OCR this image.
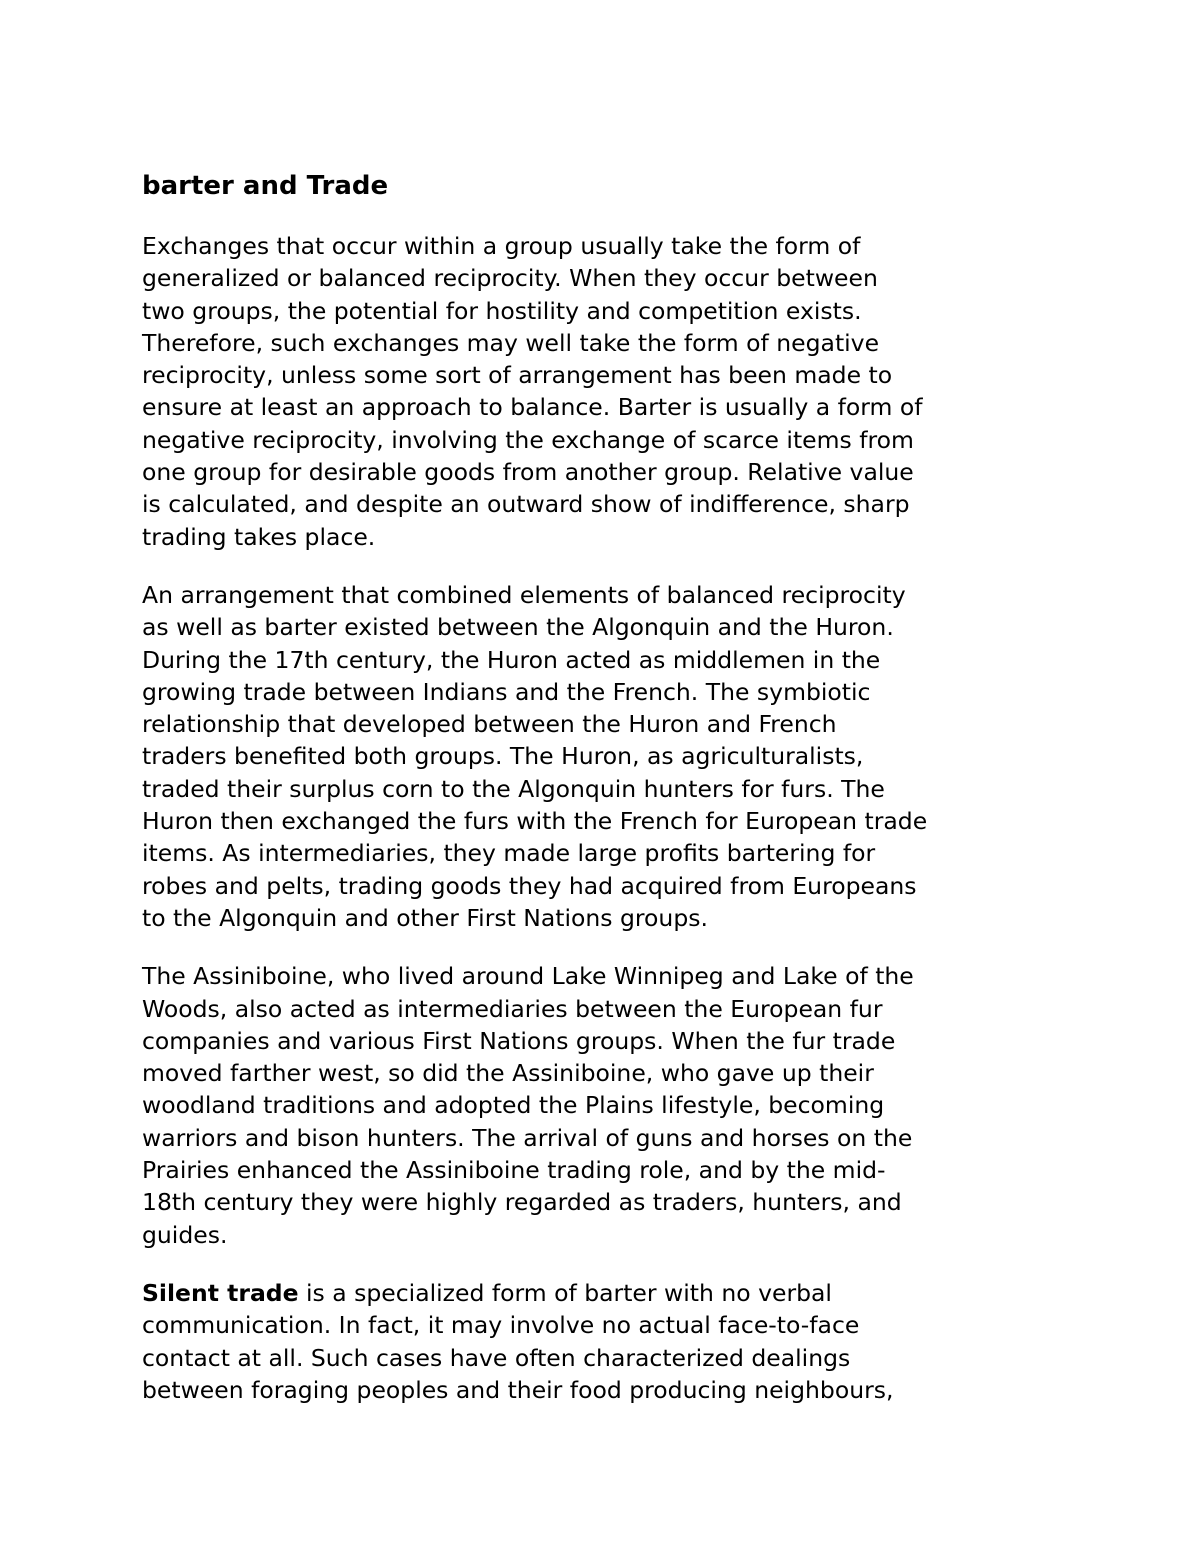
barter and Trade
Exchanges that occur within a group usually take the form of
generalized or balanced reciprocity. When they occur between
two groups, the potential for hostility and competition exists.
Therefore, such exchanges may well take the form of negative
reciprocity, unless some sort of arrangement has been made to
ensure at least an approach to balance. Barter is usually a form of
negative reciprocity, involving the exchange of scarce items from
one group for desirable goods from another group. Relative value
is calculated, and despite an outward show of indifference, sharp
trading takes place.
An arrangement that combined elements of balanced reciprocity
as well as barter existed between the Algonquin and the Huron.
During the 17th century, the Huron acted as middlemen in the
growing trade between Indians and the French. The symbiotic
relationship that developed between the Huron and French
traders benefited both groups. The Huron, as agriculturalists,
traded their surplus corn to the Algonquin hunters for furs. The
Huron then exchanged the furs with the French for European trade
items. As intermediaries, they made large profits bartering for
robes and pelts, trading goods they had acquired from Europeans
to the Algonquin and other First Nations groups.
The Assiniboine, who lived around Lake Winnipeg and Lake of the
Woods, also acted as intermediaries between the European fur
companies and various First Nations groups. When the fur trade
moved farther west, so did the Assiniboine, who gave up their
woodland traditions and adopted the Plains lifestyle, becoming
warriors and bison hunters. The arrival of guns and horses on the
Prairies enhanced the Assiniboine trading role, and by the mid-
18th century they were highly regarded as traders, hunters, and
guides.
Silent trade is a specialized form of barter with no verbal
communication. In fact, it may involve no actual face-to-face
contact at all. Such cases have often characterized dealings
between foraging peoples and their food producing neighbours,
